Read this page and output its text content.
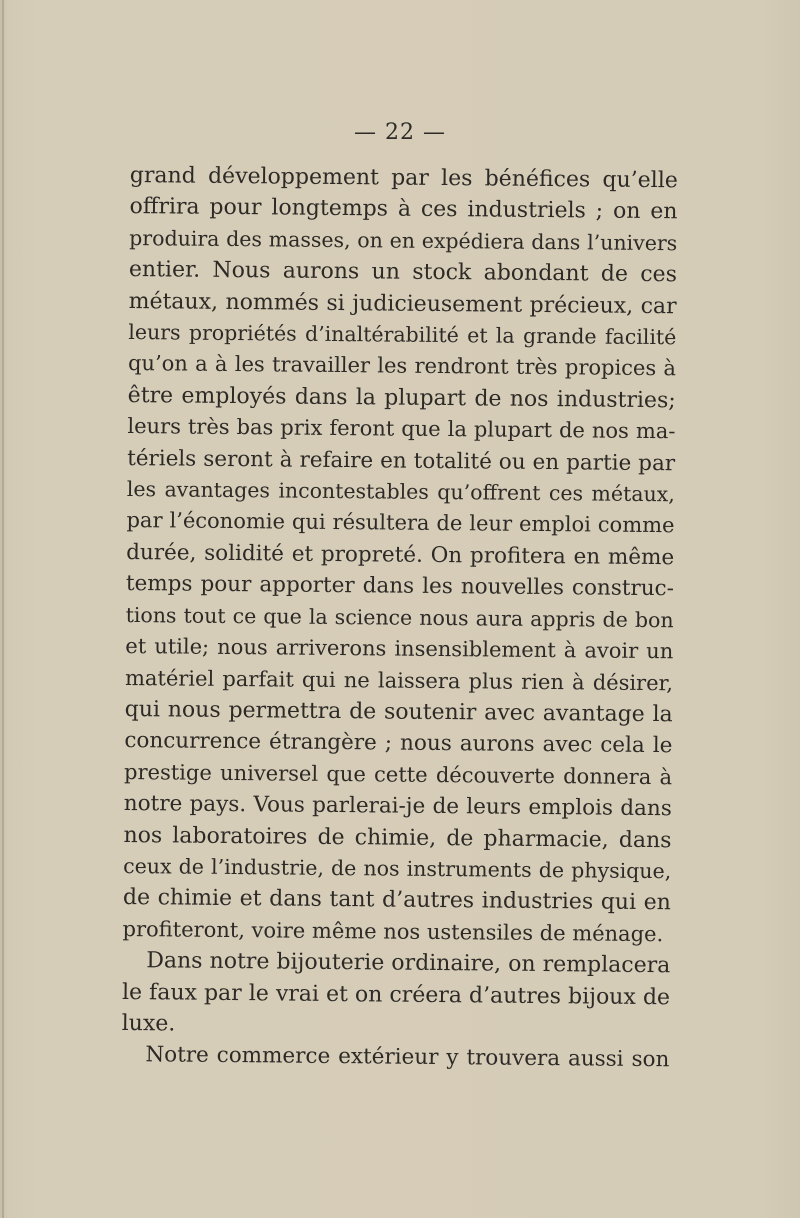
— 22 —
grand développement par les bénéfices qu’elle
offrira pour longtemps à ces industriels ; on en
produira des masses, on en expédiera dans l’univers
entier. Nous aurons un stock abondant de ces
métaux, nommés si judicieusement précieux, car
leurs propriétés d’inaltérabilité et la grande facilité
qu’on a à les travailler les rendront très propices à
être employés dans la plupart de nos industries;
leurs très bas prix feront que la plupart de nos ma-
tériels seront à refaire en totalité ou en partie par
les avantages incontestables qu’offrent ces métaux,
par l’économie qui résultera de leur emploi comme
durée, solidité et propreté. On profitera en même
temps pour apporter dans les nouvelles construc-
tions tout ce que la science nous aura appris de bon
et utile; nous arriverons insensiblement à avoir un
matériel parfait qui ne laissera plus rien à désirer,
qui nous permettra de soutenir avec avantage la
concurrence étrangère ; nous aurons avec cela le
prestige universel que cette découverte donnera à
notre pays. Vous parlerai-je de leurs emplois dans
nos laboratoires de chimie, de pharmacie, dans
ceux de l’industrie, de nos instruments de physique,
de chimie et dans tant d’autres industries qui en
profiteront, voire même nos ustensiles de ménage.
Dans notre bijouterie ordinaire, on remplacera
le faux par le vrai et on créera d’autres bijoux de
luxe.
Notre commerce extérieur y trouvera aussi son
